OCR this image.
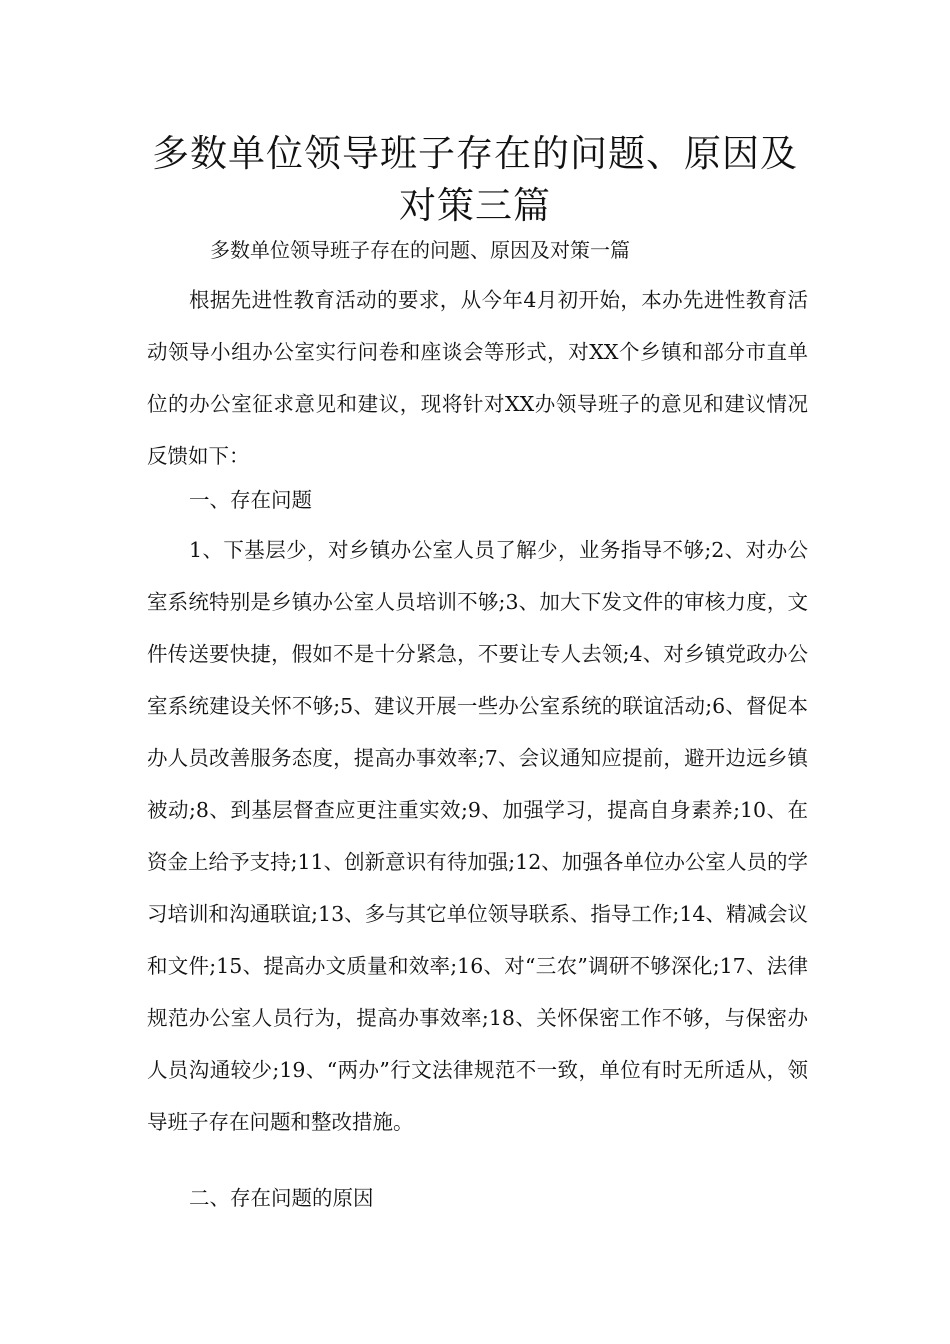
多数单位领导班子存在的问题、原因及对策三篇

多数单位领导班子存在的问题、原因及对策一篇

根据先进性教育活动的要求，从今年4月初开始，本办先进性教育活动领导小组办公室实行问卷和座谈会等形式，对XX个乡镇和部分市直单位的办公室征求意见和建议，现将针对XX办领导班子的意见和建议情况反馈如下：

一、存在问题

1、下基层少，对乡镇办公室人员了解少，业务指导不够;2、对办公室系统特别是乡镇办公室人员培训不够;3、加大下发文件的审核力度，文件传送要快捷，假如不是十分紧急，不要让专人去领;4、对乡镇党政办公室系统建设关怀不够;5、建议开展一些办公室系统的联谊活动;6、督促本办人员改善服务态度，提高办事效率;7、会议通知应提前，避开边远乡镇被动;8、到基层督查应更注重实效;9、加强学习，提高自身素养;10、在资金上给予支持;11、创新意识有待加强;12、加强各单位办公室人员的学习培训和沟通联谊;13、多与其它单位领导联系、指导工作;14、精减会议和文件;15、提高办文质量和效率;16、对“三农”调研不够深化;17、法律规范办公室人员行为，提高办事效率;18、关怀保密工作不够，与保密办人员沟通较少;19、“两办”行文法律规范不一致，单位有时无所适从，领导班子存在问题和整改措施。

二、存在问题的原因
